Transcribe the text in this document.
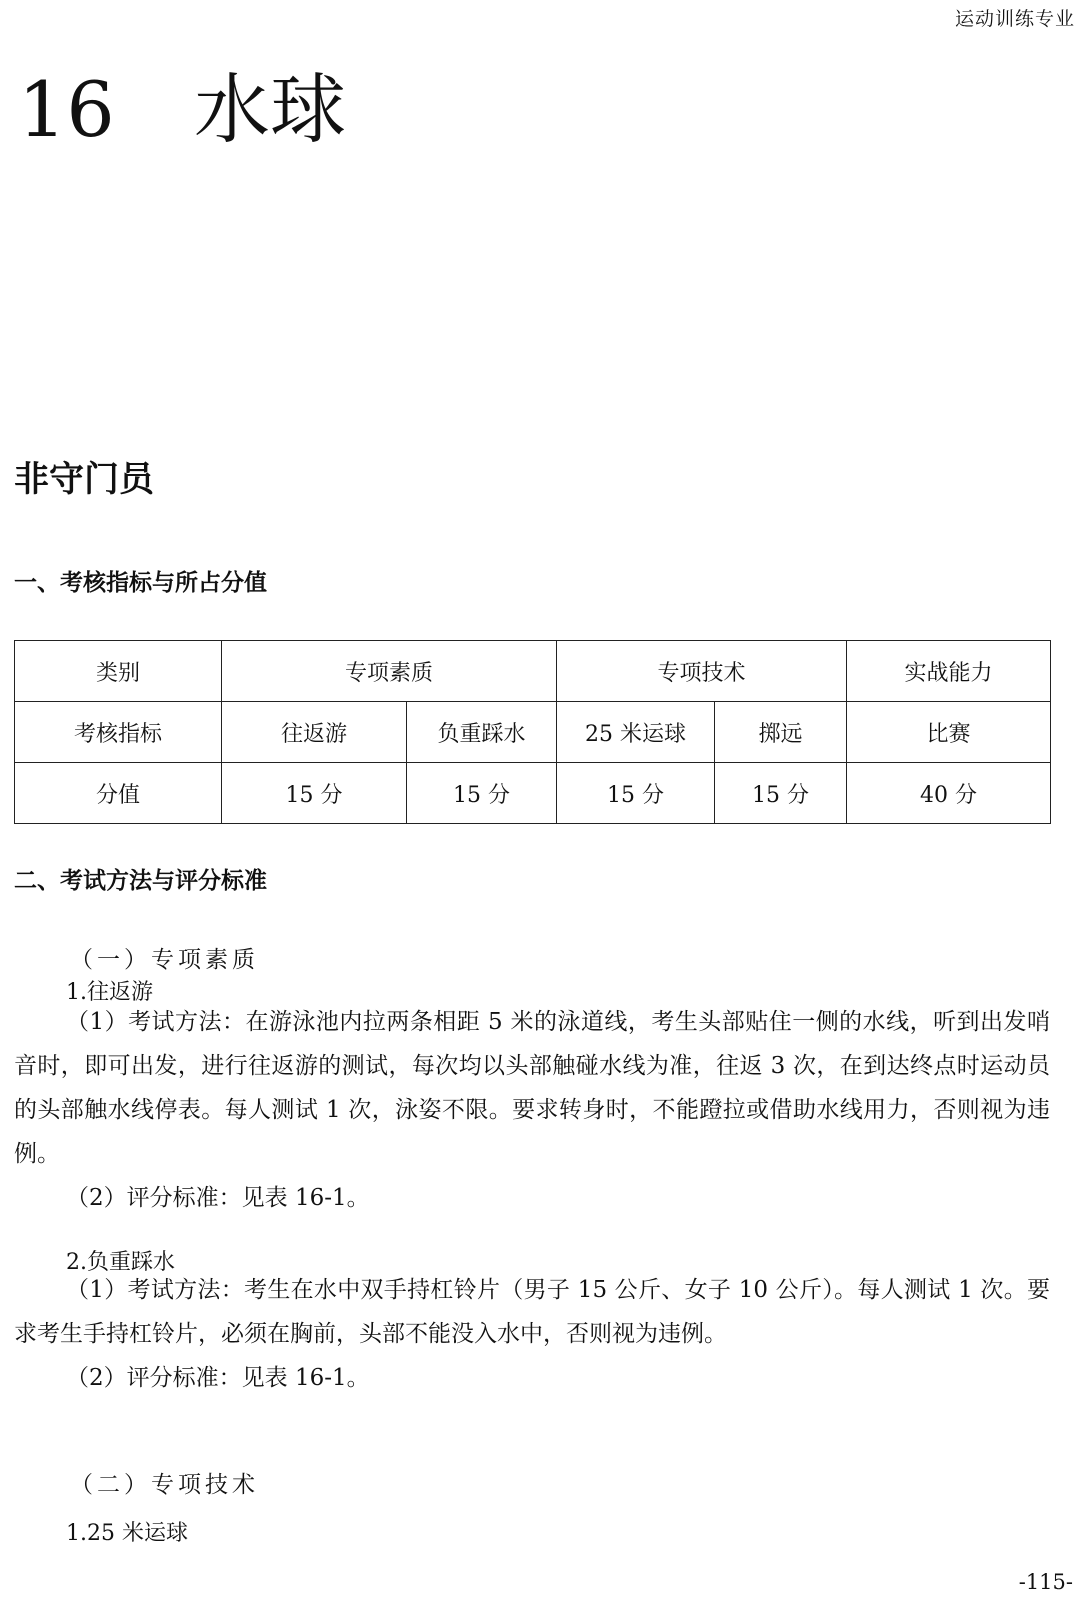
运动训练专业
16 水球
非守门员
一、考核指标与所占分值
类别	专项素质		专项技术		实战能力
考核指标	往返游	负重踩水	25 米运球	掷远	比赛
分值	15 分	15 分	15 分	15 分	40 分
二、考试方法与评分标准
（一）专项素质
1.往返游
（1）考试方法：在游泳池内拉两条相距 5 米的泳道线，考生头部贴住一侧的水线，听到出发哨音时，即可出发，进行往返游的测试，每次均以头部触碰水线为准，往返 3 次，在到达终点时运动员的头部触水线停表。每人测试 1 次，泳姿不限。要求转身时，不能蹬拉或借助水线用力，否则视为违例。
（2）评分标准：见表 16-1。
2.负重踩水
（1）考试方法：考生在水中双手持杠铃片（男子 15 公斤、女子 10 公斤）。每人测试 1 次。要求考生手持杠铃片，必须在胸前，头部不能没入水中，否则视为违例。
（2）评分标准：见表 16-1。
（二）专项技术
1.25 米运球
-115-
